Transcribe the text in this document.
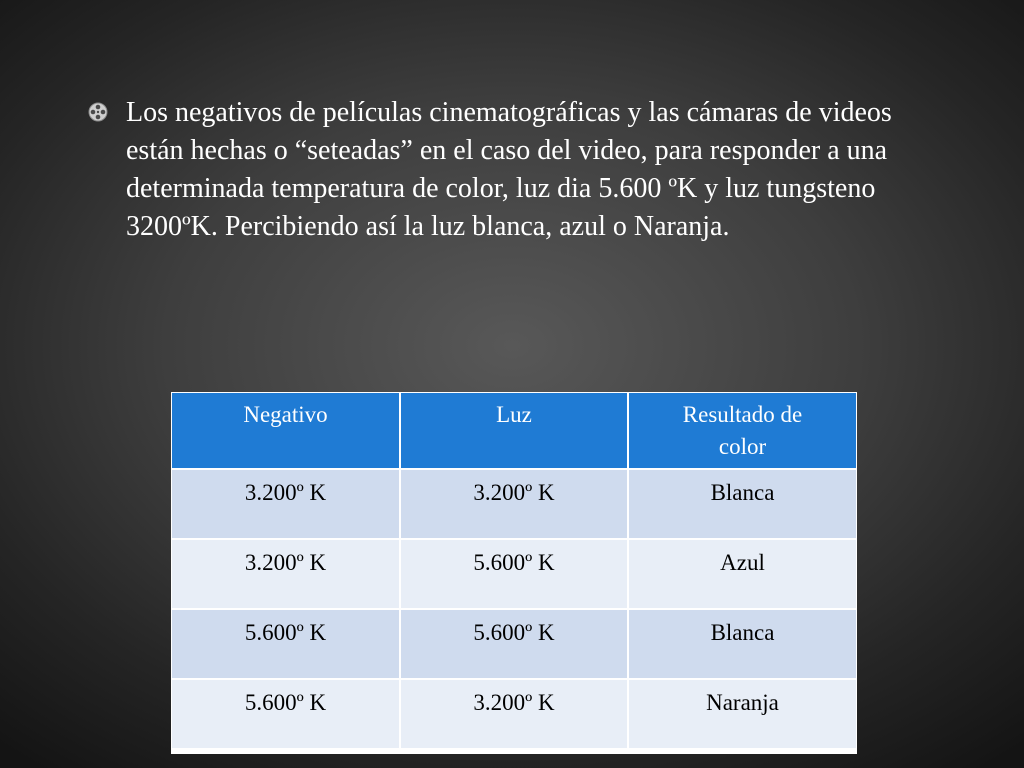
Los negativos de películas cinematográficas y las cámaras de videos están hechas o “seteadas” en el caso del video, para responder a una determinada temperatura de color, luz dia 5.600 ºK y luz tungsteno 3200ºK. Percibiendo así la luz blanca, azul o Naranja.
Negativo	Luz	Resultado de color
3.200º K	3.200º K	Blanca
3.200º K	5.600º K	Azul
5.600º K	5.600º K	Blanca
5.600º K	3.200º K	Naranja
